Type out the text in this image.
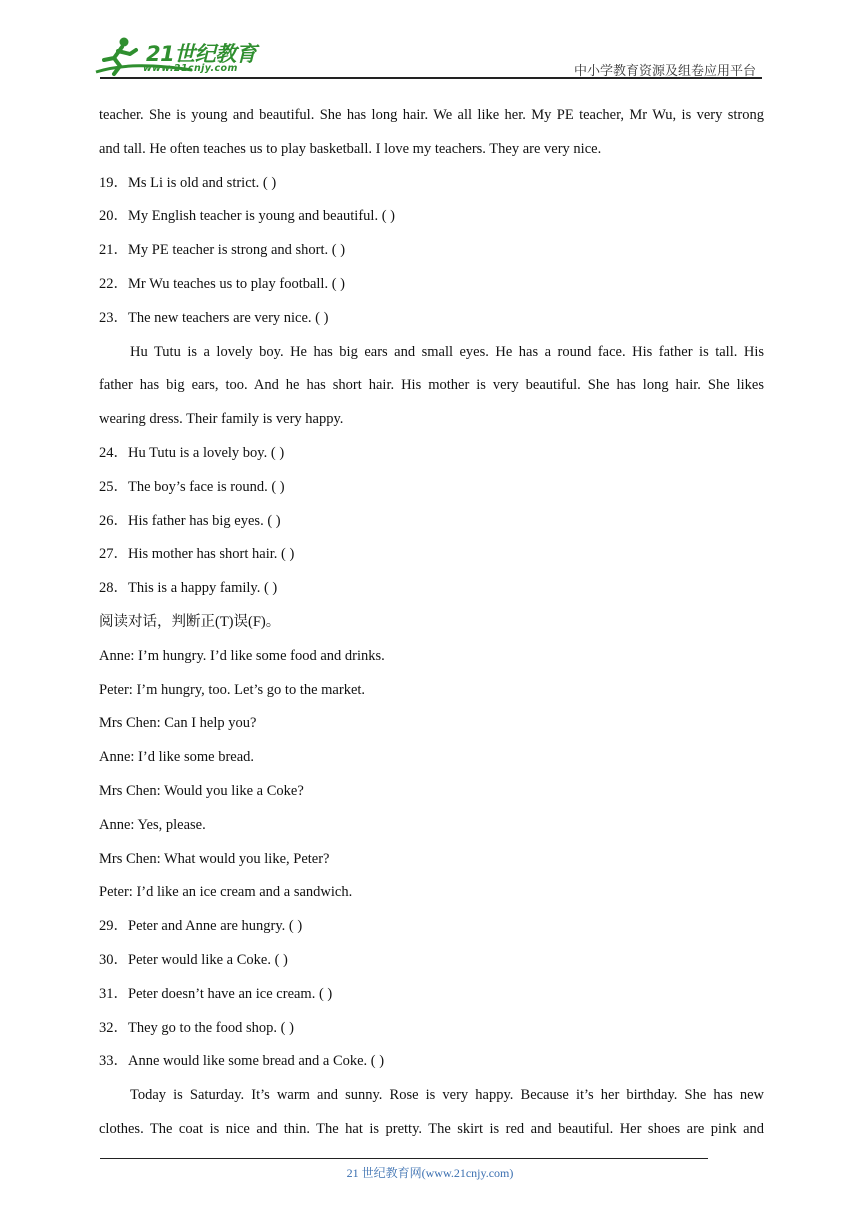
21世纪教育
www.21cnjy.com	中小学教育资源及组卷应用平台
teacher. She is young and beautiful. She has long hair. We all like her. My PE teacher, Mr Wu, is very strong
and tall. He often teaches us to play basketball. I love my teachers. They are very nice.
19．Ms Li is old and strict. ( )
20．My English teacher is young and beautiful. ( )
21．My PE teacher is strong and short. ( )
22．Mr Wu teaches us to play football. ( )
23．The new teachers are very nice. ( )
Hu Tutu is a lovely boy. He has big ears and small eyes. He has a round face. His father is tall. His
father has big ears, too. And he has short hair. His mother is very beautiful. She has long hair. She likes
wearing dress. Their family is very happy.
24．Hu Tutu is a lovely boy. ( )
25．The boy’s face is round. ( )
26．His father has big eyes. ( )
27．His mother has short hair. ( )
28．This is a happy family. ( )
阅读对话，判断正(T)误(F)。
Anne: I’m hungry. I’d like some food and drinks.
Peter: I’m hungry, too. Let’s go to the market.
Mrs Chen: Can I help you?
Anne: I’d like some bread.
Mrs Chen: Would you like a Coke?
Anne: Yes, please.
Mrs Chen: What would you like, Peter?
Peter: I’d like an ice cream and a sandwich.
29．Peter and Anne are hungry. ( )
30．Peter would like a Coke. ( )
31．Peter doesn’t have an ice cream. ( )
32．They go to the food shop. ( )
33．Anne would like some bread and a Coke. ( )
Today is Saturday. It’s warm and sunny. Rose is very happy. Because it’s her birthday. She has new
clothes. The coat is nice and thin. The hat is pretty. The skirt is red and beautiful. Her shoes are pink and
21 世纪教育网(www.21cnjy.com)
